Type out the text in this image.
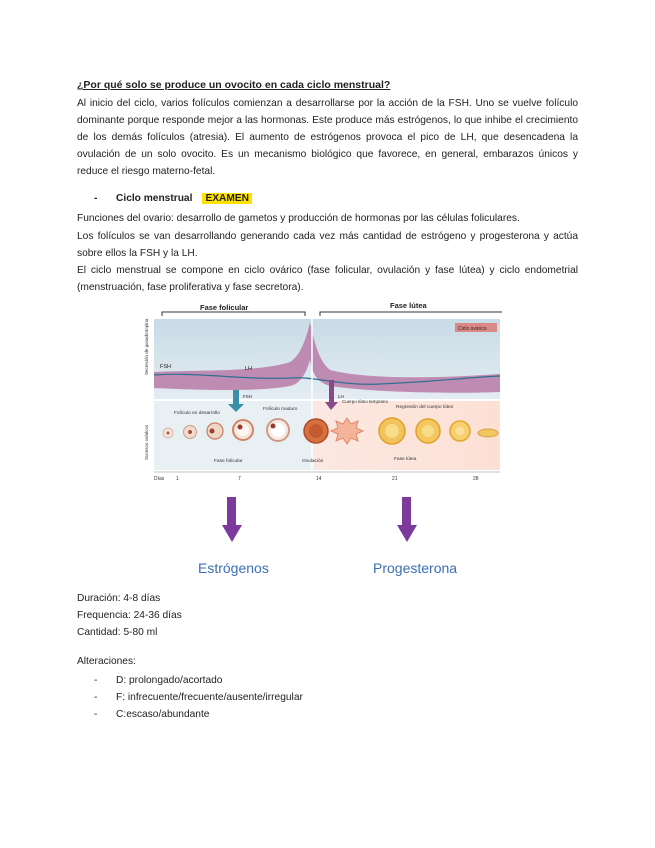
¿Por qué solo se produce un ovocito en cada ciclo menstrual?
Al inicio del ciclo, varios folículos comienzan a desarrollarse por la acción de la FSH. Uno se vuelve folículo dominante porque responde mejor a las hormonas. Este produce más estrógenos, lo que inhibe el crecimiento de los demás folículos (atresia). El aumento de estrógenos provoca el pico de LH, que desencadena la ovulación de un solo ovocito. Es un mecanismo biológico que favorece, en general, embarazos únicos y reduce el riesgo materno-fetal.
- Ciclo menstrual EXAMEN
Funciones del ovario: desarrollo de gametos y producción de hormonas por las células foliculares.
Los folículos se van desarrollando generando cada vez más cantidad de estrógeno y progesterona y actúa sobre ellos la FSH y la LH.
El ciclo menstrual se compone en ciclo ovárico (fase folicular, ovulación y fase lútea) y ciclo endometrial (menstruación, fase proliferativa y fase secretora).
Fase folicular	Fase lútea
Ciclo ovárico
FSH	LH
Secreción de gonadotropina
Sucesos ováricos
FSH	LH
Folículo en desarrollo
Folículo maduro
Cuerpo lúteo temprano
Regresión del cuerpo lúteo
Fase folicular	Ovulación	Fase lútea
Días 1	7	14	21	28
Estrógenos	Progesterona
Duración: 4-8 días
Frequencia: 24-36 días
Cantidad: 5-80 ml
Alteraciones:
- D: prolongado/acortado
- F: infrecuente/frecuente/ausente/irregular
- C:escaso/abundante
